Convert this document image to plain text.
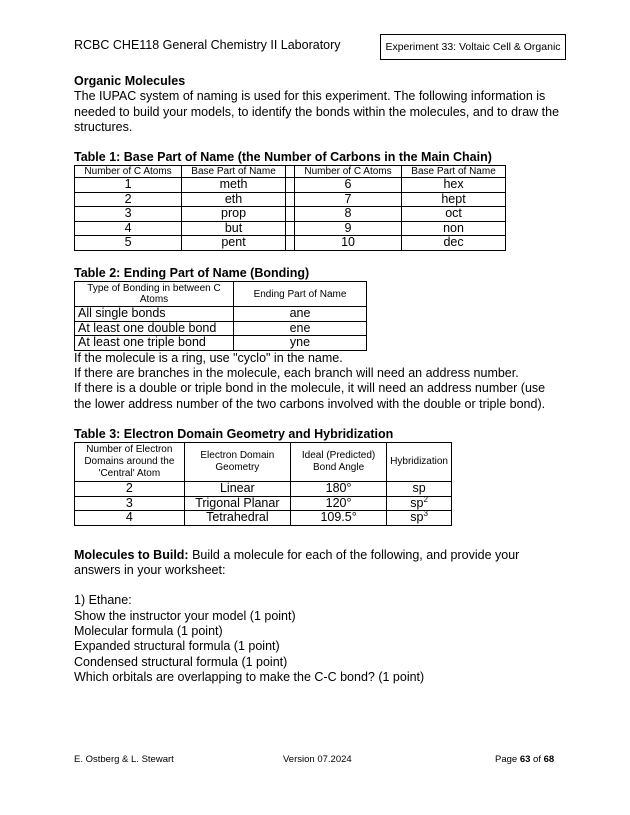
RCBC CHE118 General Chemistry II Laboratory	Experiment 33: Voltaic Cell & Organic

Organic Molecules

The IUPAC system of naming is used for this experiment. The following information is needed to build your models, to identify the bonds within the molecules, and to draw the structures.

Table 1: Base Part of Name (the Number of Carbons in the Main Chain)

Number of C Atoms	Base Part of Name		Number of C Atoms	Base Part of Name
1	meth		6	hex
2	eth		7	hept
3	prop		8	oct
4	but		9	non
5	pent		10	dec

Table 2: Ending Part of Name (Bonding)

Type of Bonding in between C Atoms	Ending Part of Name
All single bonds	ane
At least one double bond	ene
At least one triple bond	yne

If the molecule is a ring, use "cyclo" in the name.

If there are branches in the molecule, each branch will need an address number.

If there is a double or triple bond in the molecule, it will need an address number (use the lower address number of the two carbons involved with the double or triple bond).

Table 3: Electron Domain Geometry and Hybridization

Number of Electron Domains around the 'Central' Atom	Electron Domain Geometry	Ideal (Predicted) Bond Angle	Hybridization
2	Linear	180°	sp
3	Trigonal Planar	120°	$sp^2$
4	Tetrahedral	109.5°	$sp^3$

Molecules to Build: Build a molecule for each of the following, and provide your answers in your worksheet:

1) Ethane:

Show the instructor your model (1 point)

Molecular formula (1 point)

Expanded structural formula (1 point)

Condensed structural formula (1 point)

Which orbitals are overlapping to make the C-C bond? (1 point)

E. Ostberg & L. Stewart	Version 07.2024	Page 63 of 68
